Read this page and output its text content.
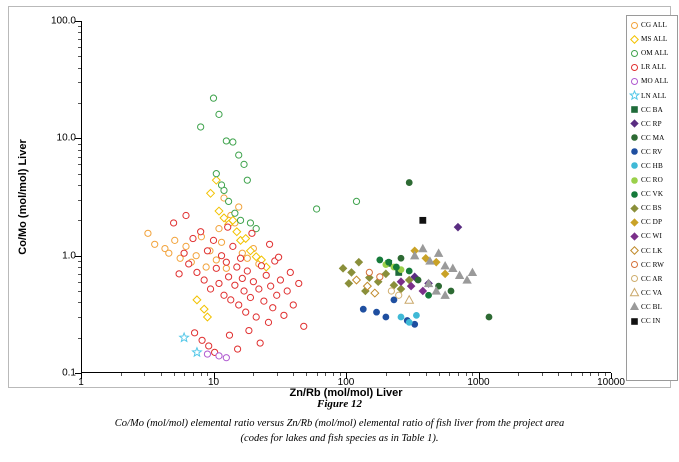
Co/Mo (mol/mol) Liver
0.1
1.0
10.0
100.0
1	10	100	1000	10000
Zn/Rb (mol/mol) Liver
CG ALL
MS ALL
OM ALL
LR ALL
MO ALL
LN ALL
CC BA
CC RP
CC MA
CC RV
CC HB
CC RO
CC VK
CC BS
CC DP
CC WI
CC LK
CC RW
CC AR
CC VA
CC BL
CC IN
Figure 12
Co/Mo (mol/mol) elemental ratio versus Zn/Rb (mol/mol) elemental ratio of fish liver from the project area
(codes for lakes and fish species as in Table 1).
